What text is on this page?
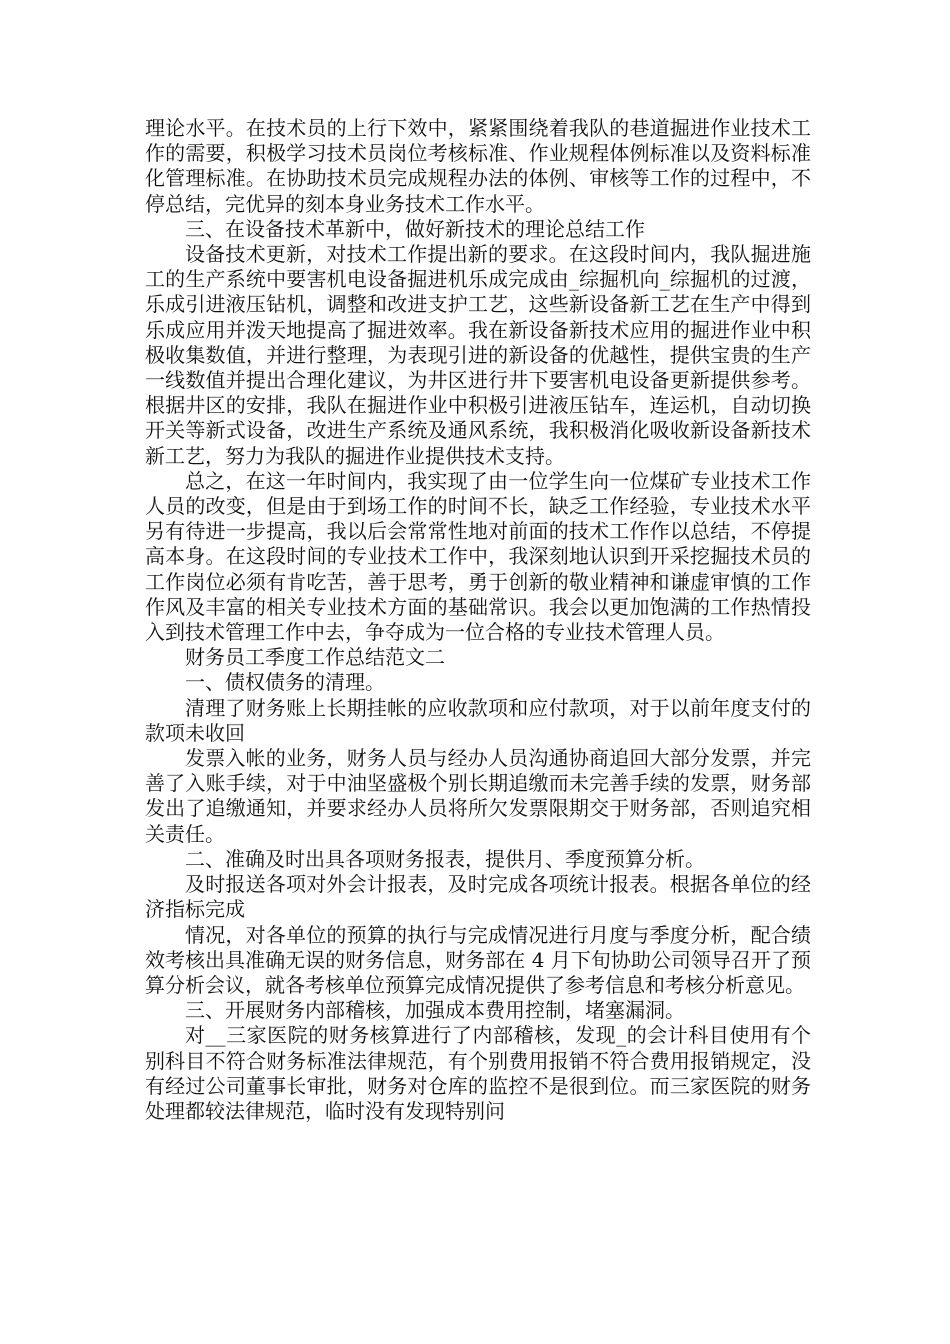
理论水平。在技术员的上行下效中，紧紧围绕着我队的巷道掘进作业技术工作的需要，积极学习技术员岗位考核标准、作业规程体例标准以及资料标准化管理标准。在协助技术员完成规程办法的体例、审核等工作的过程中，不停总结，完优异的刻本身业务技术工作水平。

三、在设备技术革新中，做好新技术的理论总结工作

设备技术更新，对技术工作提出新的要求。在这段时间内，我队掘进施工的生产系统中要害机电设备掘进机乐成完成由_综掘机向_综掘机的过渡，乐成引进液压钻机，调整和改进支护工艺，这些新设备新工艺在生产中得到乐成应用并泼天地提高了掘进效率。我在新设备新技术应用的掘进作业中积极收集数值，并进行整理，为表现引进的新设备的优越性，提供宝贵的生产一线数值并提出合理化建议，为井区进行井下要害机电设备更新提供参考。根据井区的安排，我队在掘进作业中积极引进液压钻车，连运机，自动切换开关等新式设备，改进生产系统及通风系统，我积极消化吸收新设备新技术新工艺，努力为我队的掘进作业提供技术支持。

总之，在这一年时间内，我实现了由一位学生向一位煤矿专业技术工作人员的改变，但是由于到场工作的时间不长，缺乏工作经验，专业技术水平另有待进一步提高，我以后会常常性地对前面的技术工作作以总结，不停提高本身。在这段时间的专业技术工作中，我深刻地认识到开采挖掘技术员的工作岗位必须有肯吃苦，善于思考，勇于创新的敬业精神和谦虚审慎的工作作风及丰富的相关专业技术方面的基础常识。我会以更加饱满的工作热情投入到技术管理工作中去，争夺成为一位合格的专业技术管理人员。

财务员工季度工作总结范文二

一、债权债务的清理。

清理了财务账上长期挂帐的应收款项和应付款项，对于以前年度支付的款项未收回

发票入帐的业务，财务人员与经办人员沟通协商追回大部分发票，并完善了入账手续，对于中油坚盛极个别长期追缴而未完善手续的发票，财务部发出了追缴通知，并要求经办人员将所欠发票限期交于财务部，否则追究相关责任。

二、准确及时出具各项财务报表，提供月、季度预算分析。

及时报送各项对外会计报表，及时完成各项统计报表。根据各单位的经济指标完成

情况，对各单位的预算的执行与完成情况进行月度与季度分析，配合绩效考核出具准确无误的财务信息，财务部在 4 月下旬协助公司领导召开了预算分析会议，就各考核单位预算完成情况提供了参考信息和考核分析意见。

三、开展财务内部稽核，加强成本费用控制，堵塞漏洞。

对__三家医院的财务核算进行了内部稽核，发现_的会计科目使用有个别科目不符合财务标准法律规范，有个别费用报销不符合费用报销规定，没有经过公司董事长审批，财务对仓库的监控不是很到位。而三家医院的财务处理都较法律规范，临时没有发现特别问
